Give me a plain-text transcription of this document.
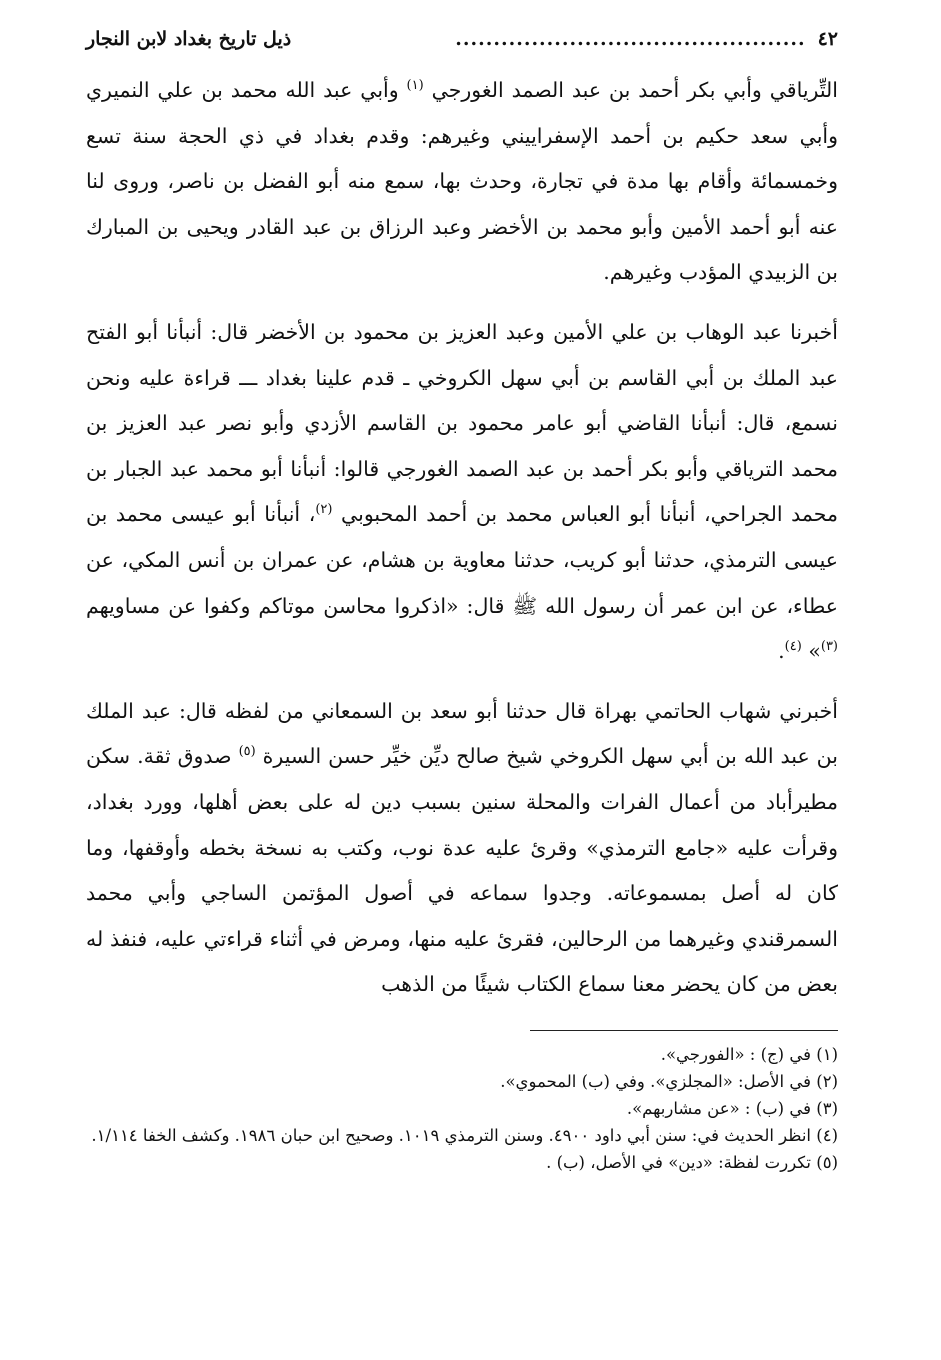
٤٢
..............................................
ذيل تاريخ بغداد لابن النجار

التِّرياقي وأبي بكر أحمد بن عبد الصمد الغورجي $^{(١)}$ وأبي عبد الله محمد بن علي النميري وأبي سعد حكيم بن أحمد الإسفراييني وغيرهم: وقدم بغداد في ذي الحجة سنة تسع وخمسمائة وأقام بها مدة في تجارة، وحدث بها، سمع منه أبو الفضل بن ناصر، وروى لنا عنه أبو أحمد الأمين وأبو محمد بن الأخضر وعبد الرزاق بن عبد القادر ويحيى بن المبارك بن الزبيدي المؤدب وغيرهم.

أخبرنا عبد الوهاب بن علي الأمين وعبد العزيز بن محمود بن الأخضر قال: أنبأنا أبو الفتح عبد الملك بن أبي القاسم بن أبي سهل الكروخي ـ قدم علينا بغداد ـــ قراءة عليه ونحن نسمع، قال: أنبأنا القاضي أبو عامر محمود بن القاسم الأزدي وأبو نصر عبد العزيز بن محمد الترياقي وأبو بكر أحمد بن عبد الصمد الغورجي قالوا: أنبأنا أبو محمد عبد الجبار بن محمد الجراحي، أنبأنا أبو العباس محمد بن أحمد المحبوبي $^{(٢)}$، أنبأنا أبو عيسى محمد بن عيسى الترمذي، حدثنا أبو كريب، حدثنا معاوية بن هشام، عن عمران بن أنس المكي، عن عطاء، عن ابن عمر أن رسول الله ﷺ قال: «اذكروا محاسن موتاكم وكفوا عن مساويهم $^{(٣)}$» $^{(٤)}$.

أخبرني شهاب الحاتمي بهراة قال حدثنا أبو سعد بن السمعاني من لفظه قال: عبد الملك بن عبد الله بن أبي سهل الكروخي شيخ صالح ديِّن خيِّر حسن السيرة $^{(٥)}$ صدوق ثقة. سكن مطيرأباد من أعمال الفرات والمحلة سنين بسبب دين له على بعض أهلها، وورد بغداد، وقرأت عليه «جامع الترمذي» وقرئ عليه عدة نوب، وكتب به نسخة بخطه وأوقفها، وما كان له أصل بمسموعاته. وجدوا سماعه في أصول المؤتمن الساجي وأبي محمد السمرقندي وغيرهما من الرحالين، فقرئ عليه منها، ومرض في أثناء قراءتي عليه، فنفذ له بعض من كان يحضر معنا سماع الكتاب شيئًا من الذهب

(١) في (ج) : «الفورجي».
(٢) في الأصل: «المجلزي». وفي (ب) المحموي».
(٣) في (ب) : «عن مشاربهم».
(٤) انظر الحديث في: سنن أبي داود ٤٩٠٠. وسنن الترمذي ١٠١٩. وصحيح ابن حبان ١٩٨٦. وكشف الخفا ١/١١٤.
(٥) تكررت لفظة: «دين» في الأصل، (ب) .
